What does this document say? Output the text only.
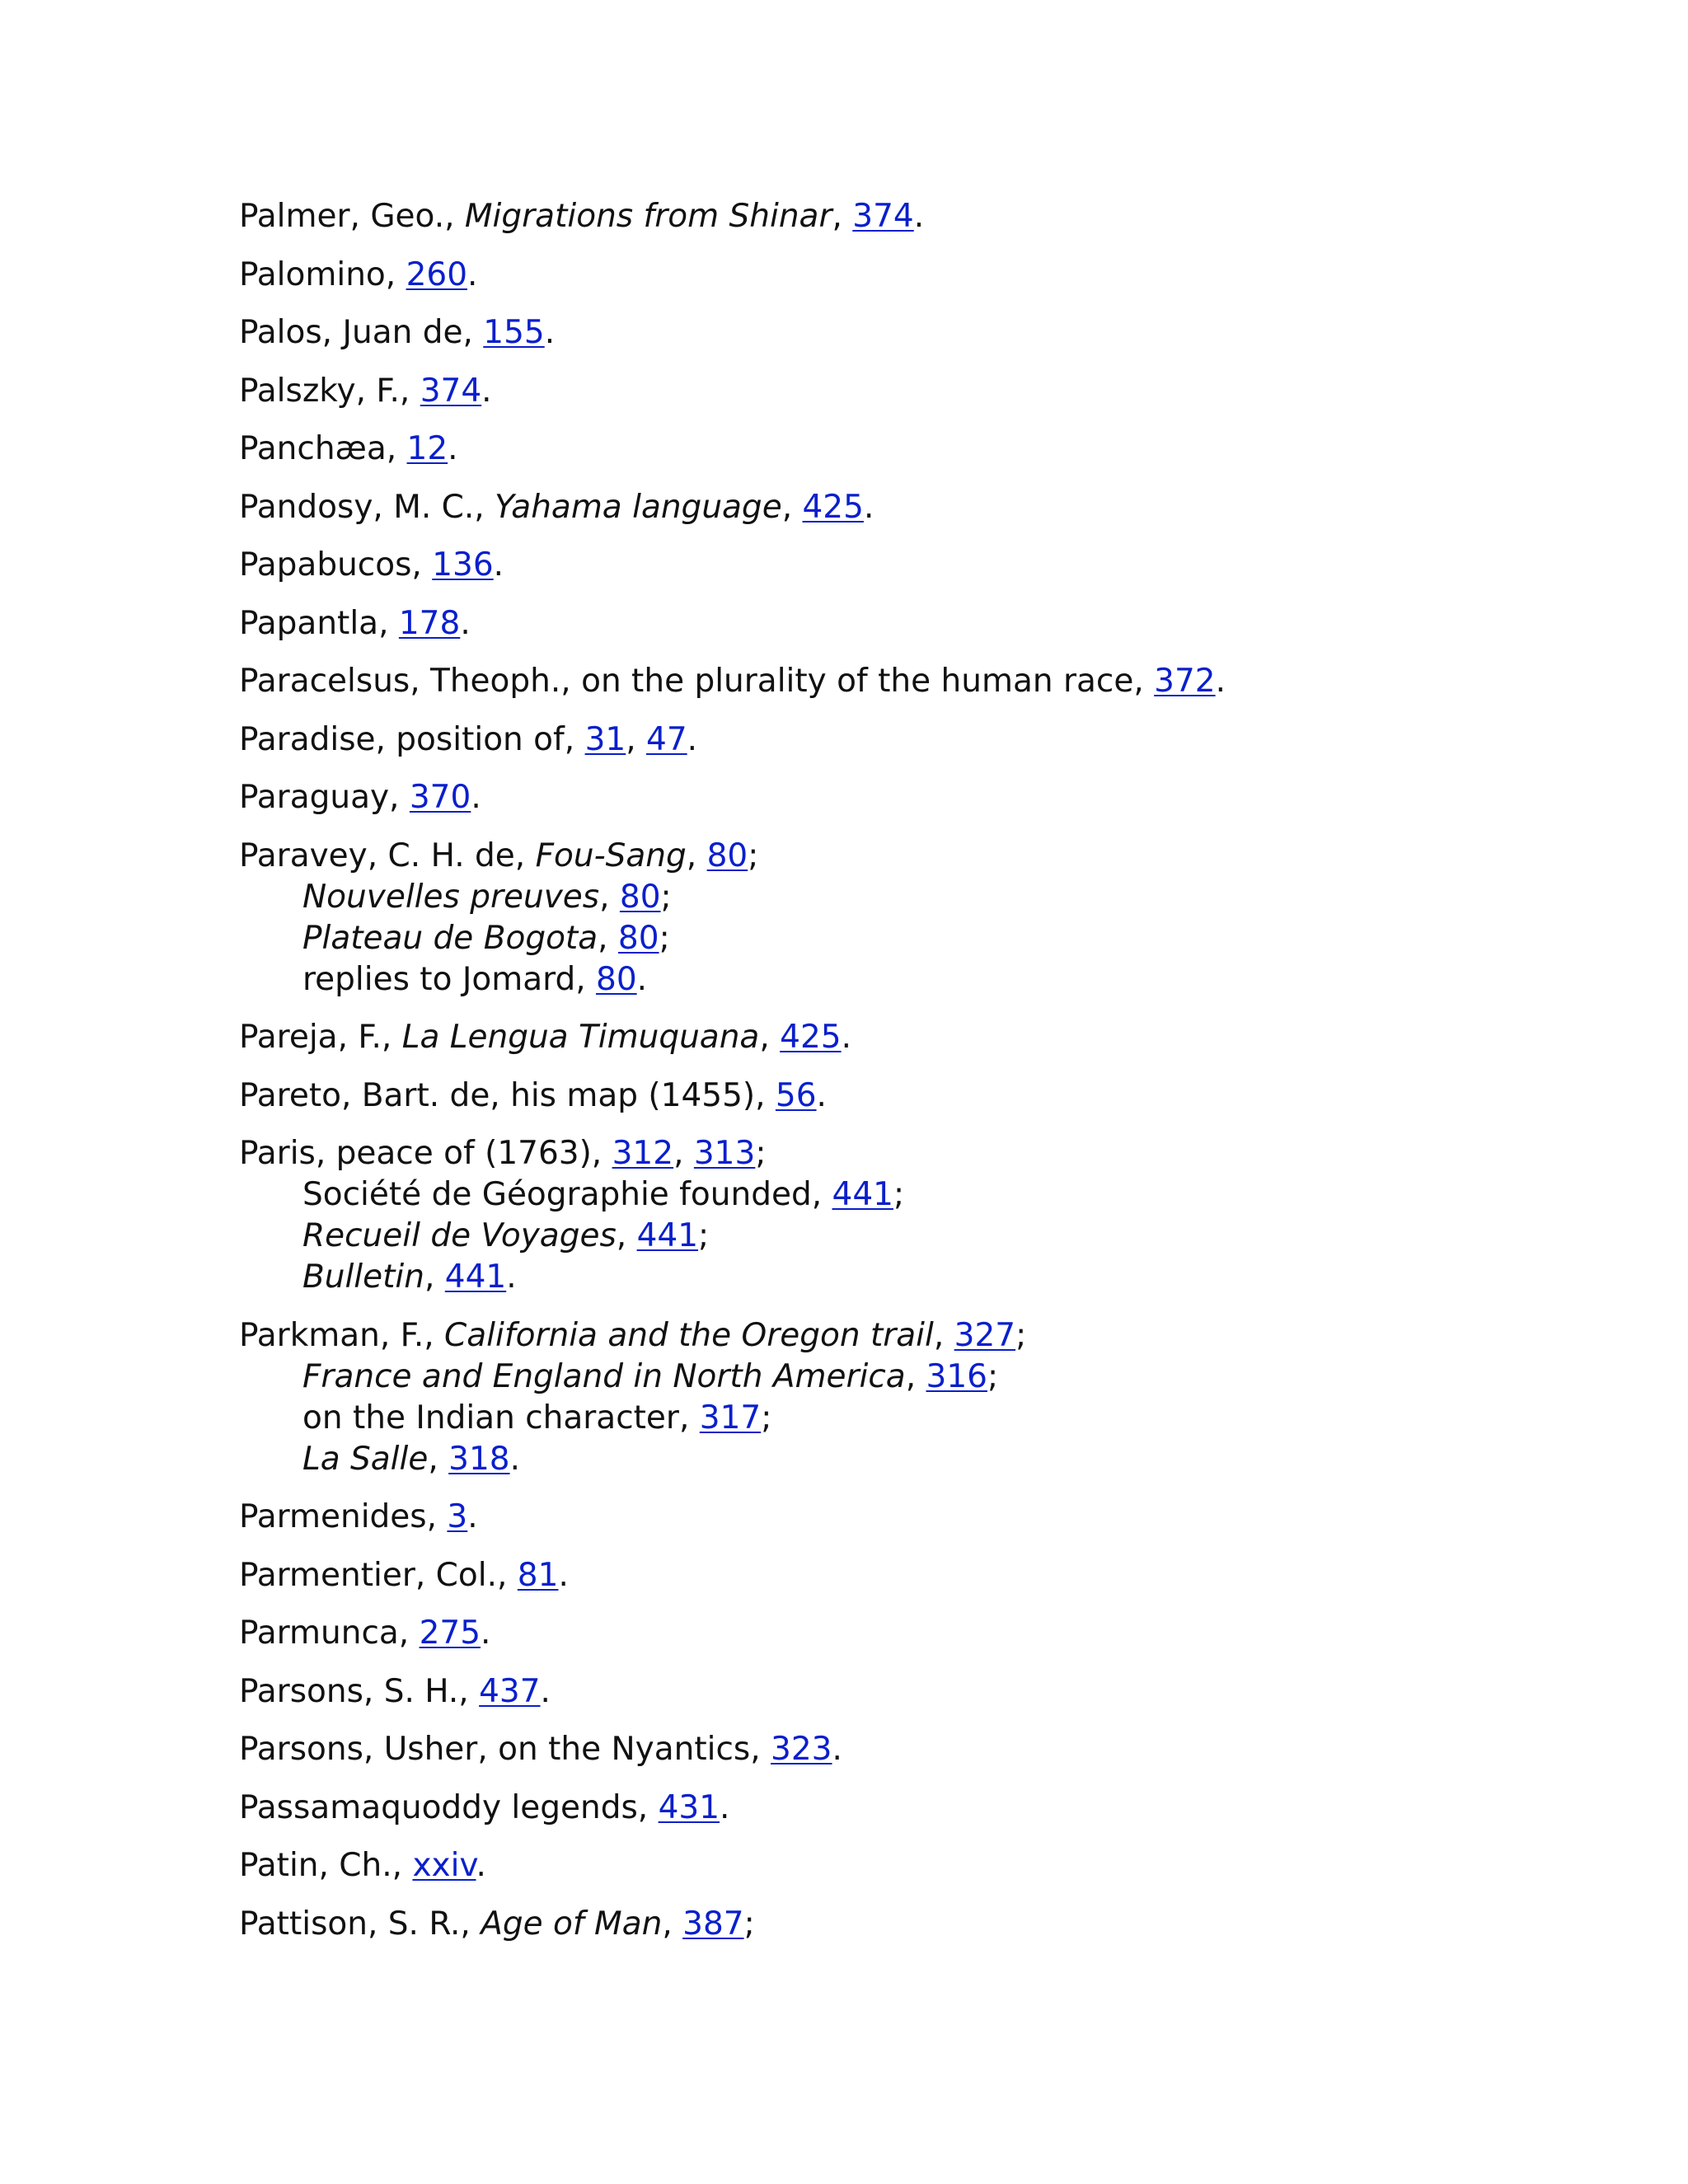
Palmer, Geo., Migrations from Shinar, 374.
Palomino, 260.
Palos, Juan de, 155.
Palszky, F., 374.
Panchæa, 12.
Pandosy, M. C., Yahama language, 425.
Papabucos, 136.
Papantla, 178.
Paracelsus, Theoph., on the plurality of the human race, 372.
Paradise, position of, 31, 47.
Paraguay, 370.
Paravey, C. H. de, Fou-Sang, 80;
Nouvelles preuves, 80;
Plateau de Bogota, 80;
replies to Jomard, 80.
Pareja, F., La Lengua Timuquana, 425.
Pareto, Bart. de, his map (1455), 56.
Paris, peace of (1763), 312, 313;
Société de Géographie founded, 441;
Recueil de Voyages, 441;
Bulletin, 441.
Parkman, F., California and the Oregon trail, 327;
France and England in North America, 316;
on the Indian character, 317;
La Salle, 318.
Parmenides, 3.
Parmentier, Col., 81.
Parmunca, 275.
Parsons, S. H., 437.
Parsons, Usher, on the Nyantics, 323.
Passamaquoddy legends, 431.
Patin, Ch., xxiv.
Pattison, S. R., Age of Man, 387;
